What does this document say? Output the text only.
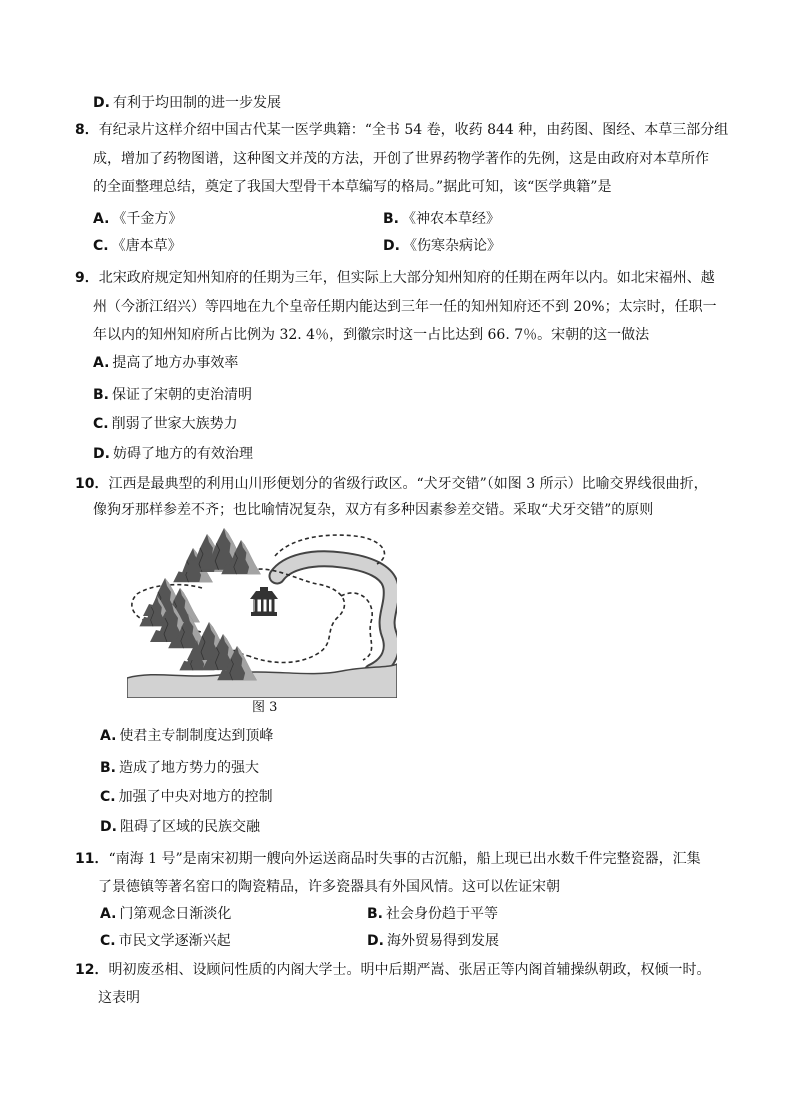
D. 有利于均田制的进一步发展
8．有纪录片这样介绍中国古代某一医学典籍：“全书 54 卷，收药 844 种，由药图、图经、本草三部分组
成，增加了药物图谱，这种图文并茂的方法，开创了世界药物学著作的先例，这是由政府对本草所作
的全面整理总结，奠定了我国大型骨干本草编写的格局。”据此可知，该“医学典籍”是
A. 《千金方》	B. 《神农本草经》
C. 《唐本草》	D. 《伤寒杂病论》
9．北宋政府规定知州知府的任期为三年，但实际上大部分知州知府的任期在两年以内。如北宋福州、越
州（今浙江绍兴）等四地在九个皇帝任期内能达到三年一任的知州知府还不到 20%；太宗时，任职一
年以内的知州知府所占比例为 32. 4％，到徽宗时这一占比达到 66. 7％。宋朝的这一做法
A. 提高了地方办事效率
B. 保证了宋朝的吏治清明
C. 削弱了世家大族势力
D. 妨碍了地方的有效治理
10．江西是最典型的利用山川形便划分的省级行政区。“犬牙交错”（如图 3 所示）比喻交界线很曲折，
像狗牙那样参差不齐；也比喻情况复杂，双方有多种因素参差交错。采取“犬牙交错”的原则
图 3
A. 使君主专制制度达到顶峰
B. 造成了地方势力的强大
C. 加强了中央对地方的控制
D. 阻碍了区域的民族交融
11．“南海 1 号”是南宋初期一艘向外运送商品时失事的古沉船，船上现已出水数千件完整瓷器，汇集
了景德镇等著名窑口的陶瓷精品，许多瓷器具有外国风情。这可以佐证宋朝
A. 门第观念日渐淡化	B. 社会身份趋于平等
C. 市民文学逐渐兴起	D. 海外贸易得到发展
12．明初废丞相、设顾问性质的内阁大学士。明中后期严嵩、张居正等内阁首辅操纵朝政，权倾一时。
这表明
